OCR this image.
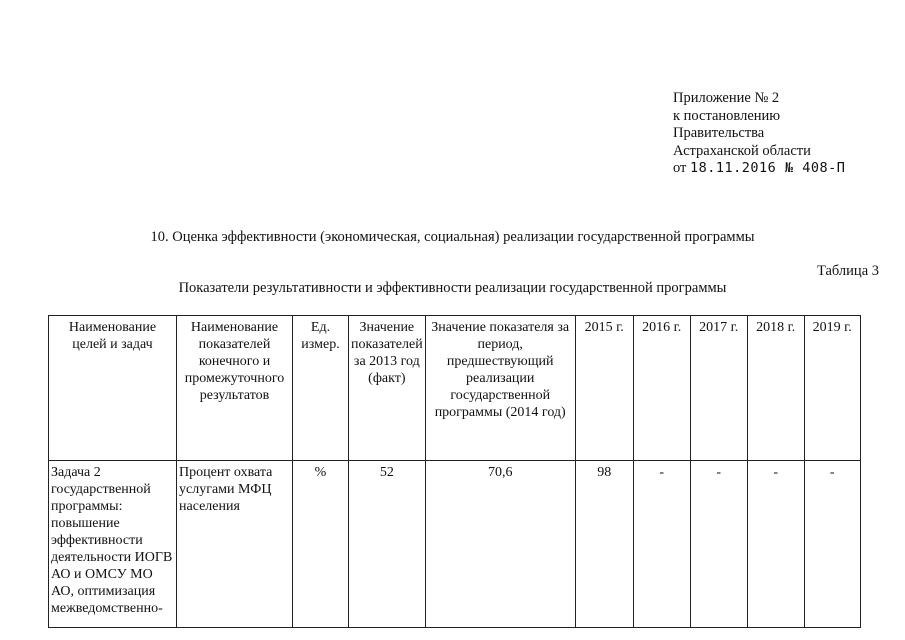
Приложение № 2
к постановлению
Правительства
Астраханской области
от 18.11.2016 № 408-П
10. Оценка эффективности (экономическая, социальная) реализации государственной программы
Таблица 3
Показатели результативности и эффективности реализации государственной программы
Наименование целей и задач	Наименование показателей конечного и промежуточного результатов	Ед. измер.	Значение показателей за 2013 год (факт)	Значение показателя за период, предшествующий реализации государственной программы (2014 год)	2015 г.	2016 г.	2017 г.	2018 г.	2019 г.
Задача 2 государственной программы: повышение эффективности деятельности ИОГВ АО и ОМСУ МО АО, оптимизация межведомственно-	Процент охвата услугами МФЦ населения	%	52	70,6	98	-	-	-	-
